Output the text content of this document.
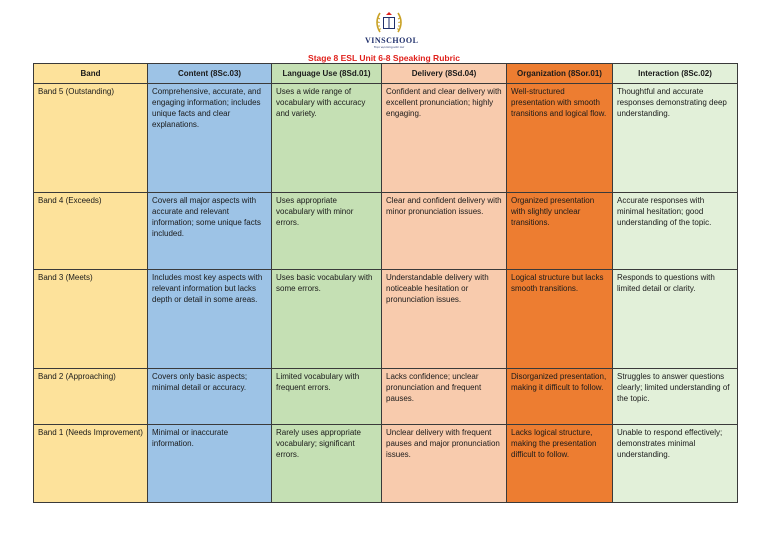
VINSCHOOL
Trọn vẹn từng ước mơ
Stage 8 ESL Unit 6-8 Speaking Rubric
Band	Content (8Sc.03)	Language Use (8Sd.01)	Delivery (8Sd.04)	Organization (8Sor.01)	Interaction (8Sc.02)
Band 5 (Outstanding)	Comprehensive, accurate, and engaging information; includes unique facts and clear explanations.	Uses a wide range of vocabulary with accuracy and variety.	Confident and clear delivery with excellent pronunciation; highly engaging.	Well-structured presentation with smooth transitions and logical flow.	Thoughtful and accurate responses demonstrating deep understanding.
Band 4 (Exceeds)	Covers all major aspects with accurate and relevant information; some unique facts included.	Uses appropriate vocabulary with minor errors.	Clear and confident delivery with minor pronunciation issues.	Organized presentation with slightly unclear transitions.	Accurate responses with minimal hesitation; good understanding of the topic.
Band 3 (Meets)	Includes most key aspects with relevant information but lacks depth or detail in some areas.	Uses basic vocabulary with some errors.	Understandable delivery with noticeable hesitation or pronunciation issues.	Logical structure but lacks smooth transitions.	Responds to questions with limited detail or clarity.
Band 2 (Approaching)	Covers only basic aspects; minimal detail or accuracy.	Limited vocabulary with frequent errors.	Lacks confidence; unclear pronunciation and frequent pauses.	Disorganized presentation, making it difficult to follow.	Struggles to answer questions clearly; limited understanding of the topic.
Band 1 (Needs Improvement)	Minimal or inaccurate information.	Rarely uses appropriate vocabulary; significant errors.	Unclear delivery with frequent pauses and major pronunciation issues.	Lacks logical structure, making the presentation difficult to follow.	Unable to respond effectively; demonstrates minimal understanding.
